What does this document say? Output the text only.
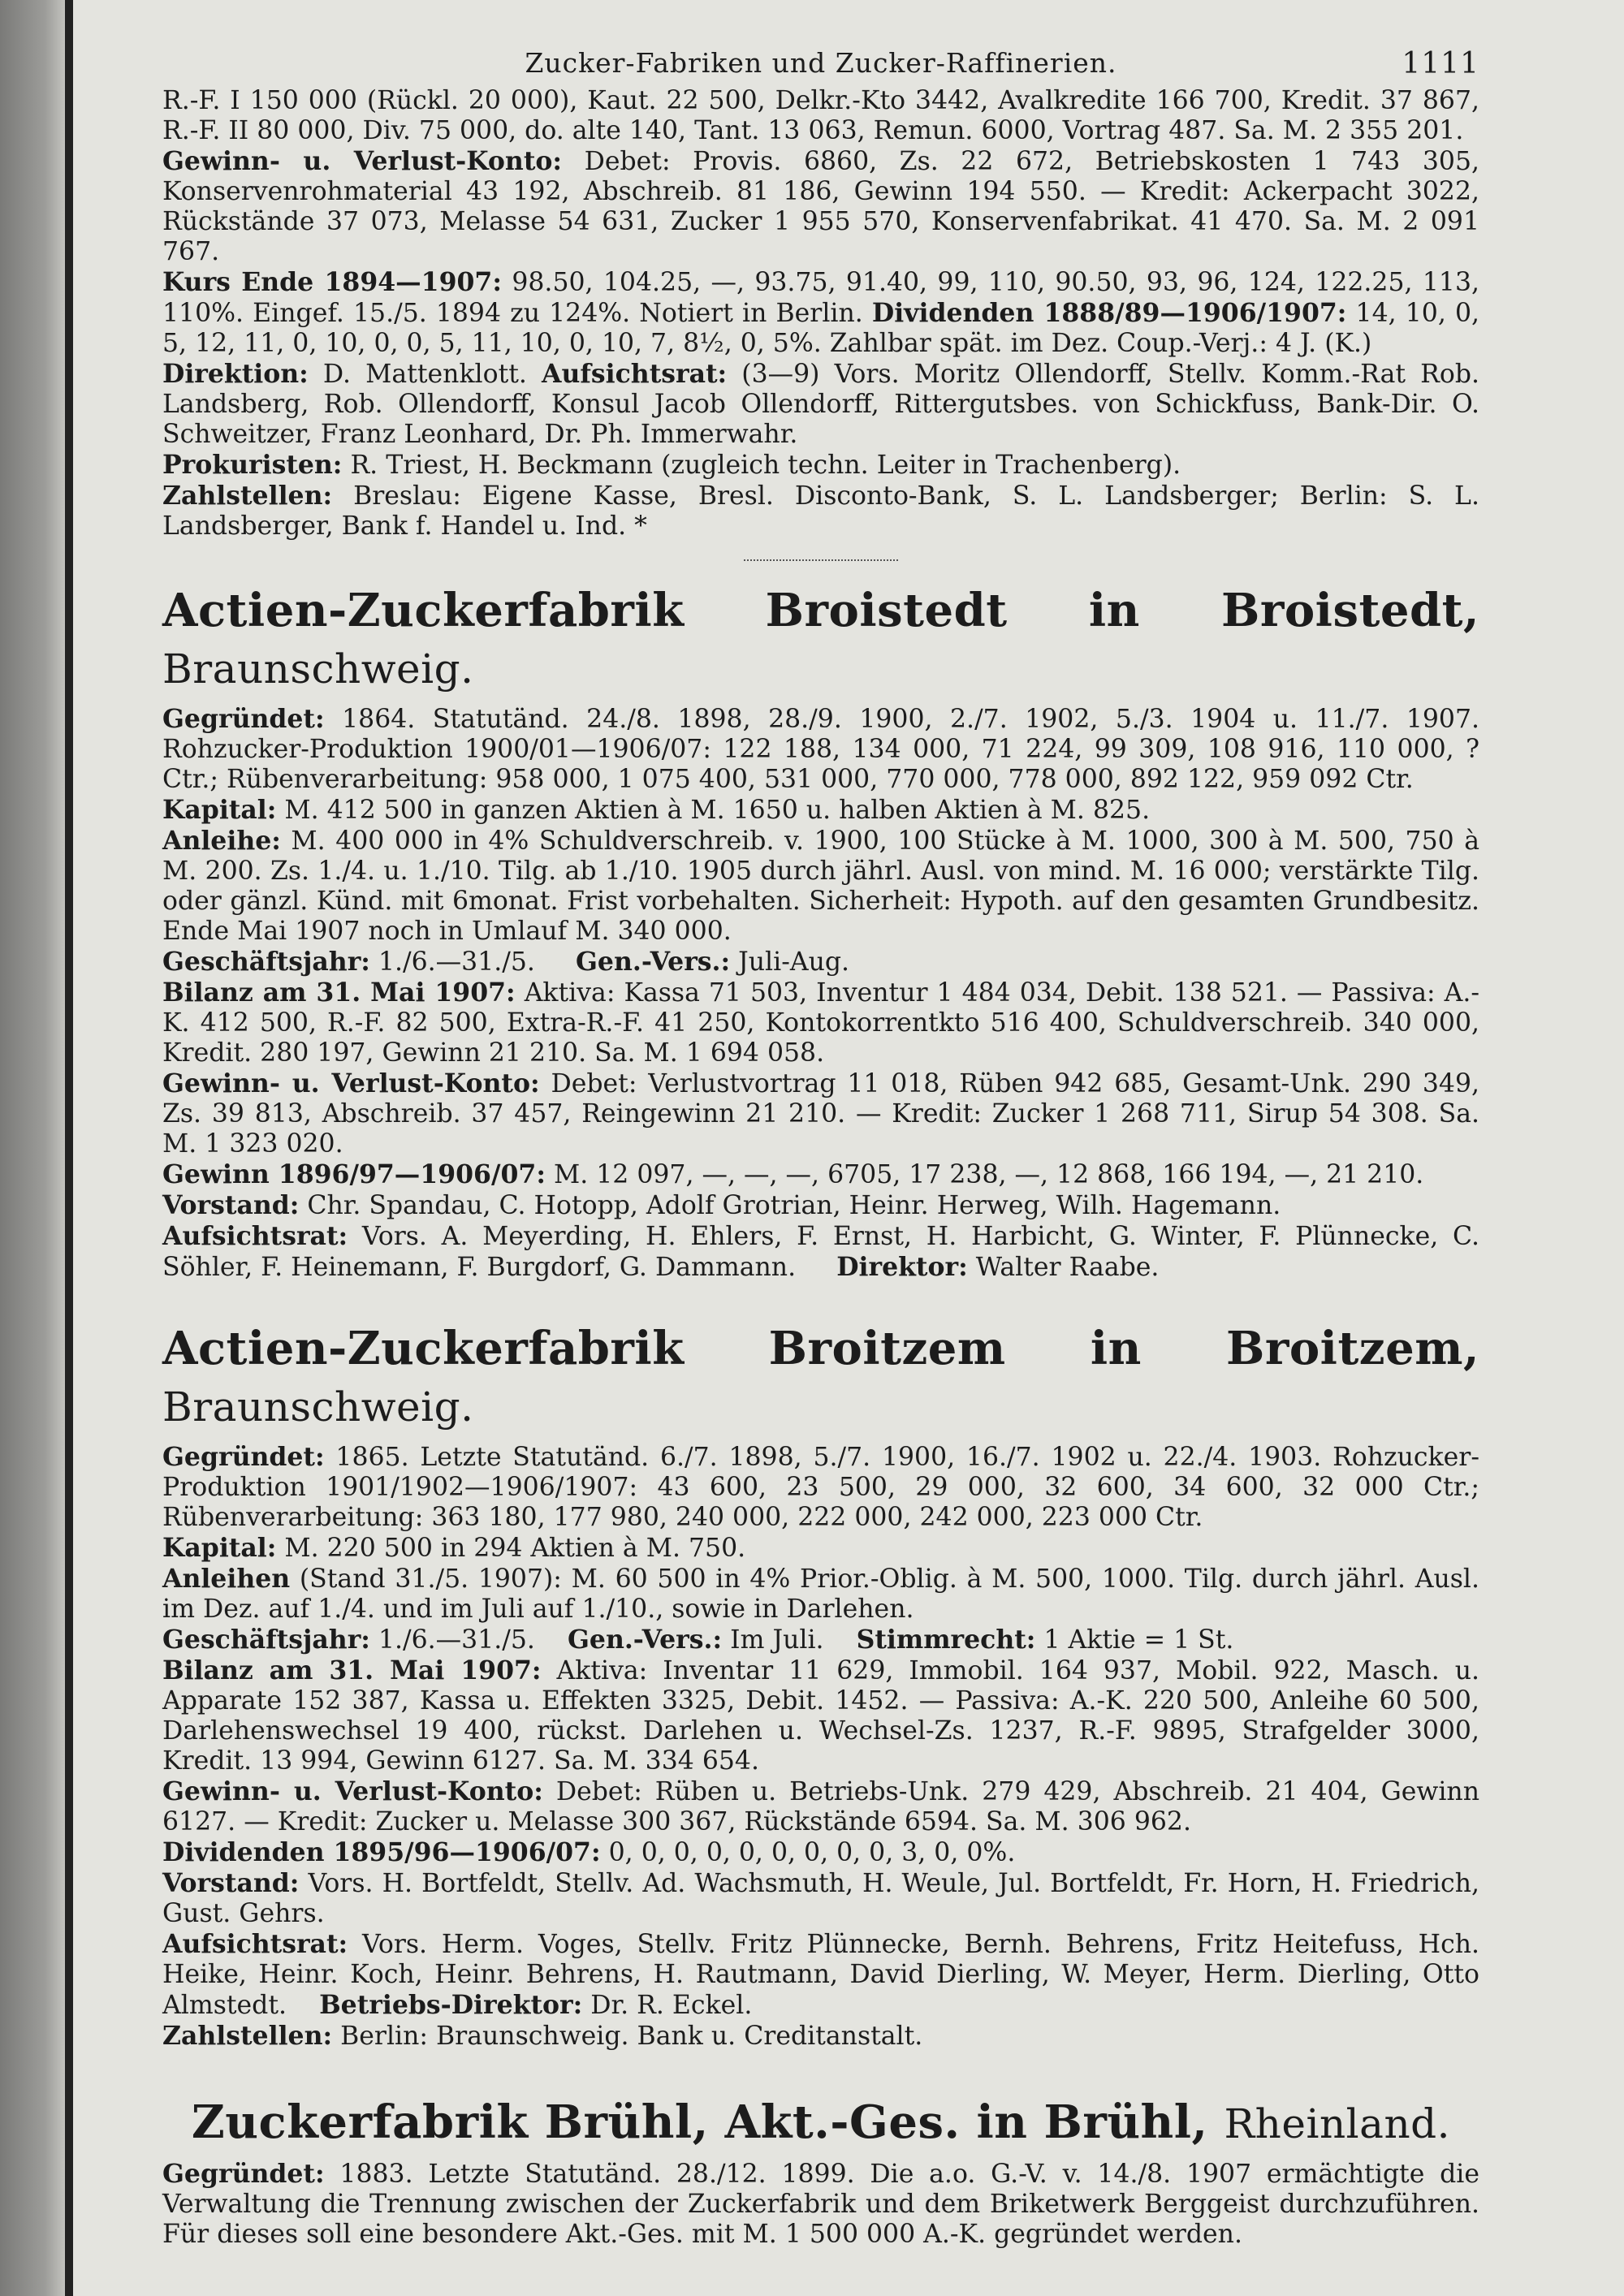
Zucker-Fabriken und Zucker-Raffinerien.	1111

R.-F. I 150 000 (Rückl. 20 000), Kaut. 22 500, Delkr.-Kto 3442, Avalkredite 166 700, Kredit. 37 867, R.-F. II 80 000, Div. 75 000, do. alte 140, Tant. 13 063, Remun. 6000, Vortrag 487. Sa. M. 2 355 201.

Gewinn- u. Verlust-Konto: Debet: Provis. 6860, Zs. 22 672, Betriebskosten 1 743 305, Konservenrohmaterial 43 192, Abschreib. 81 186, Gewinn 194 550. — Kredit: Ackerpacht 3022, Rückstände 37 073, Melasse 54 631, Zucker 1 955 570, Konservenfabrikat. 41 470. Sa. M. 2 091 767.

Kurs Ende 1894—1907: 98.50, 104.25, —, 93.75, 91.40, 99, 110, 90.50, 93, 96, 124, 122.25, 113, 110%. Eingef. 15./5. 1894 zu 124%. Notiert in Berlin. Dividenden 1888/89—1906/1907: 14, 10, 0, 5, 12, 11, 0, 10, 0, 0, 5, 11, 10, 0, 10, 7, 8½, 0, 5%. Zahlbar spät. im Dez. Coup.-Verj.: 4 J. (K.)

Direktion: D. Mattenklott. Aufsichtsrat: (3—9) Vors. Moritz Ollendorff, Stellv. Komm.-Rat Rob. Landsberg, Rob. Ollendorff, Konsul Jacob Ollendorff, Rittergutsbes. von Schickfuss, Bank-Dir. O. Schweitzer, Franz Leonhard, Dr. Ph. Immerwahr.

Prokuristen: R. Triest, H. Beckmann (zugleich techn. Leiter in Trachenberg).

Zahlstellen: Breslau: Eigene Kasse, Bresl. Disconto-Bank, S. L. Landsberger; Berlin: S. L. Landsberger, Bank f. Handel u. Ind. *

Actien-Zuckerfabrik Broistedt in Broistedt, Braunschweig.

Gegründet: 1864. Statutänd. 24./8. 1898, 28./9. 1900, 2./7. 1902, 5./3. 1904 u. 11./7. 1907. Rohzucker-Produktion 1900/01—1906/07: 122 188, 134 000, 71 224, 99 309, 108 916, 110 000, ? Ctr.; Rübenverarbeitung: 958 000, 1 075 400, 531 000, 770 000, 778 000, 892 122, 959 092 Ctr.

Kapital: M. 412 500 in ganzen Aktien à M. 1650 u. halben Aktien à M. 825.

Anleihe: M. 400 000 in 4% Schuldverschreib. v. 1900, 100 Stücke à M. 1000, 300 à M. 500, 750 à M. 200. Zs. 1./4. u. 1./10. Tilg. ab 1./10. 1905 durch jährl. Ausl. von mind. M. 16 000; verstärkte Tilg. oder gänzl. Künd. mit 6monat. Frist vorbehalten. Sicherheit: Hypoth. auf den gesamten Grundbesitz. Ende Mai 1907 noch in Umlauf M. 340 000.

Geschäftsjahr: 1./6.—31./5. Gen.-Vers.: Juli-Aug.

Bilanz am 31. Mai 1907: Aktiva: Kassa 71 503, Inventur 1 484 034, Debit. 138 521. — Passiva: A.-K. 412 500, R.-F. 82 500, Extra-R.-F. 41 250, Kontokorrentkto 516 400, Schuldverschreib. 340 000, Kredit. 280 197, Gewinn 21 210. Sa. M. 1 694 058.

Gewinn- u. Verlust-Konto: Debet: Verlustvortrag 11 018, Rüben 942 685, Gesamt-Unk. 290 349, Zs. 39 813, Abschreib. 37 457, Reingewinn 21 210. — Kredit: Zucker 1 268 711, Sirup 54 308. Sa. M. 1 323 020.

Gewinn 1896/97—1906/07: M. 12 097, —, —, —, 6705, 17 238, —, 12 868, 166 194, —, 21 210.

Vorstand: Chr. Spandau, C. Hotopp, Adolf Grotrian, Heinr. Herweg, Wilh. Hagemann.

Aufsichtsrat: Vors. A. Meyerding, H. Ehlers, F. Ernst, H. Harbicht, G. Winter, F. Plünnecke, C. Söhler, F. Heinemann, F. Burgdorf, G. Dammann. Direktor: Walter Raabe.

Actien-Zuckerfabrik Broitzem in Broitzem, Braunschweig.

Gegründet: 1865. Letzte Statutänd. 6./7. 1898, 5./7. 1900, 16./7. 1902 u. 22./4. 1903. Rohzucker-Produktion 1901/1902—1906/1907: 43 600, 23 500, 29 000, 32 600, 34 600, 32 000 Ctr.; Rübenverarbeitung: 363 180, 177 980, 240 000, 222 000, 242 000, 223 000 Ctr.

Kapital: M. 220 500 in 294 Aktien à M. 750.

Anleihen (Stand 31./5. 1907): M. 60 500 in 4% Prior.-Oblig. à M. 500, 1000. Tilg. durch jährl. Ausl. im Dez. auf 1./4. und im Juli auf 1./10., sowie in Darlehen.

Geschäftsjahr: 1./6.—31./5. Gen.-Vers.: Im Juli. Stimmrecht: 1 Aktie = 1 St.

Bilanz am 31. Mai 1907: Aktiva: Inventar 11 629, Immobil. 164 937, Mobil. 922, Masch. u. Apparate 152 387, Kassa u. Effekten 3325, Debit. 1452. — Passiva: A.-K. 220 500, Anleihe 60 500, Darlehenswechsel 19 400, rückst. Darlehen u. Wechsel-Zs. 1237, R.-F. 9895, Strafgelder 3000, Kredit. 13 994, Gewinn 6127. Sa. M. 334 654.

Gewinn- u. Verlust-Konto: Debet: Rüben u. Betriebs-Unk. 279 429, Abschreib. 21 404, Gewinn 6127. — Kredit: Zucker u. Melasse 300 367, Rückstände 6594. Sa. M. 306 962.

Dividenden 1895/96—1906/07: 0, 0, 0, 0, 0, 0, 0, 0, 0, 3, 0, 0%.

Vorstand: Vors. H. Bortfeldt, Stellv. Ad. Wachsmuth, H. Weule, Jul. Bortfeldt, Fr. Horn, H. Friedrich, Gust. Gehrs.

Aufsichtsrat: Vors. Herm. Voges, Stellv. Fritz Plünnecke, Bernh. Behrens, Fritz Heitefuss, Hch. Heike, Heinr. Koch, Heinr. Behrens, H. Rautmann, David Dierling, W. Meyer, Herm. Dierling, Otto Almstedt. Betriebs-Direktor: Dr. R. Eckel.

Zahlstellen: Berlin: Braunschweig. Bank u. Creditanstalt.

Zuckerfabrik Brühl, Akt.-Ges. in Brühl, Rheinland.

Gegründet: 1883. Letzte Statutänd. 28./12. 1899. Die a.o. G.-V. v. 14./8. 1907 ermächtigte die Verwaltung die Trennung zwischen der Zuckerfabrik und dem Briketwerk Berggeist durchzuführen. Für dieses soll eine besondere Akt.-Ges. mit M. 1 500 000 A.-K. gegründet werden.
